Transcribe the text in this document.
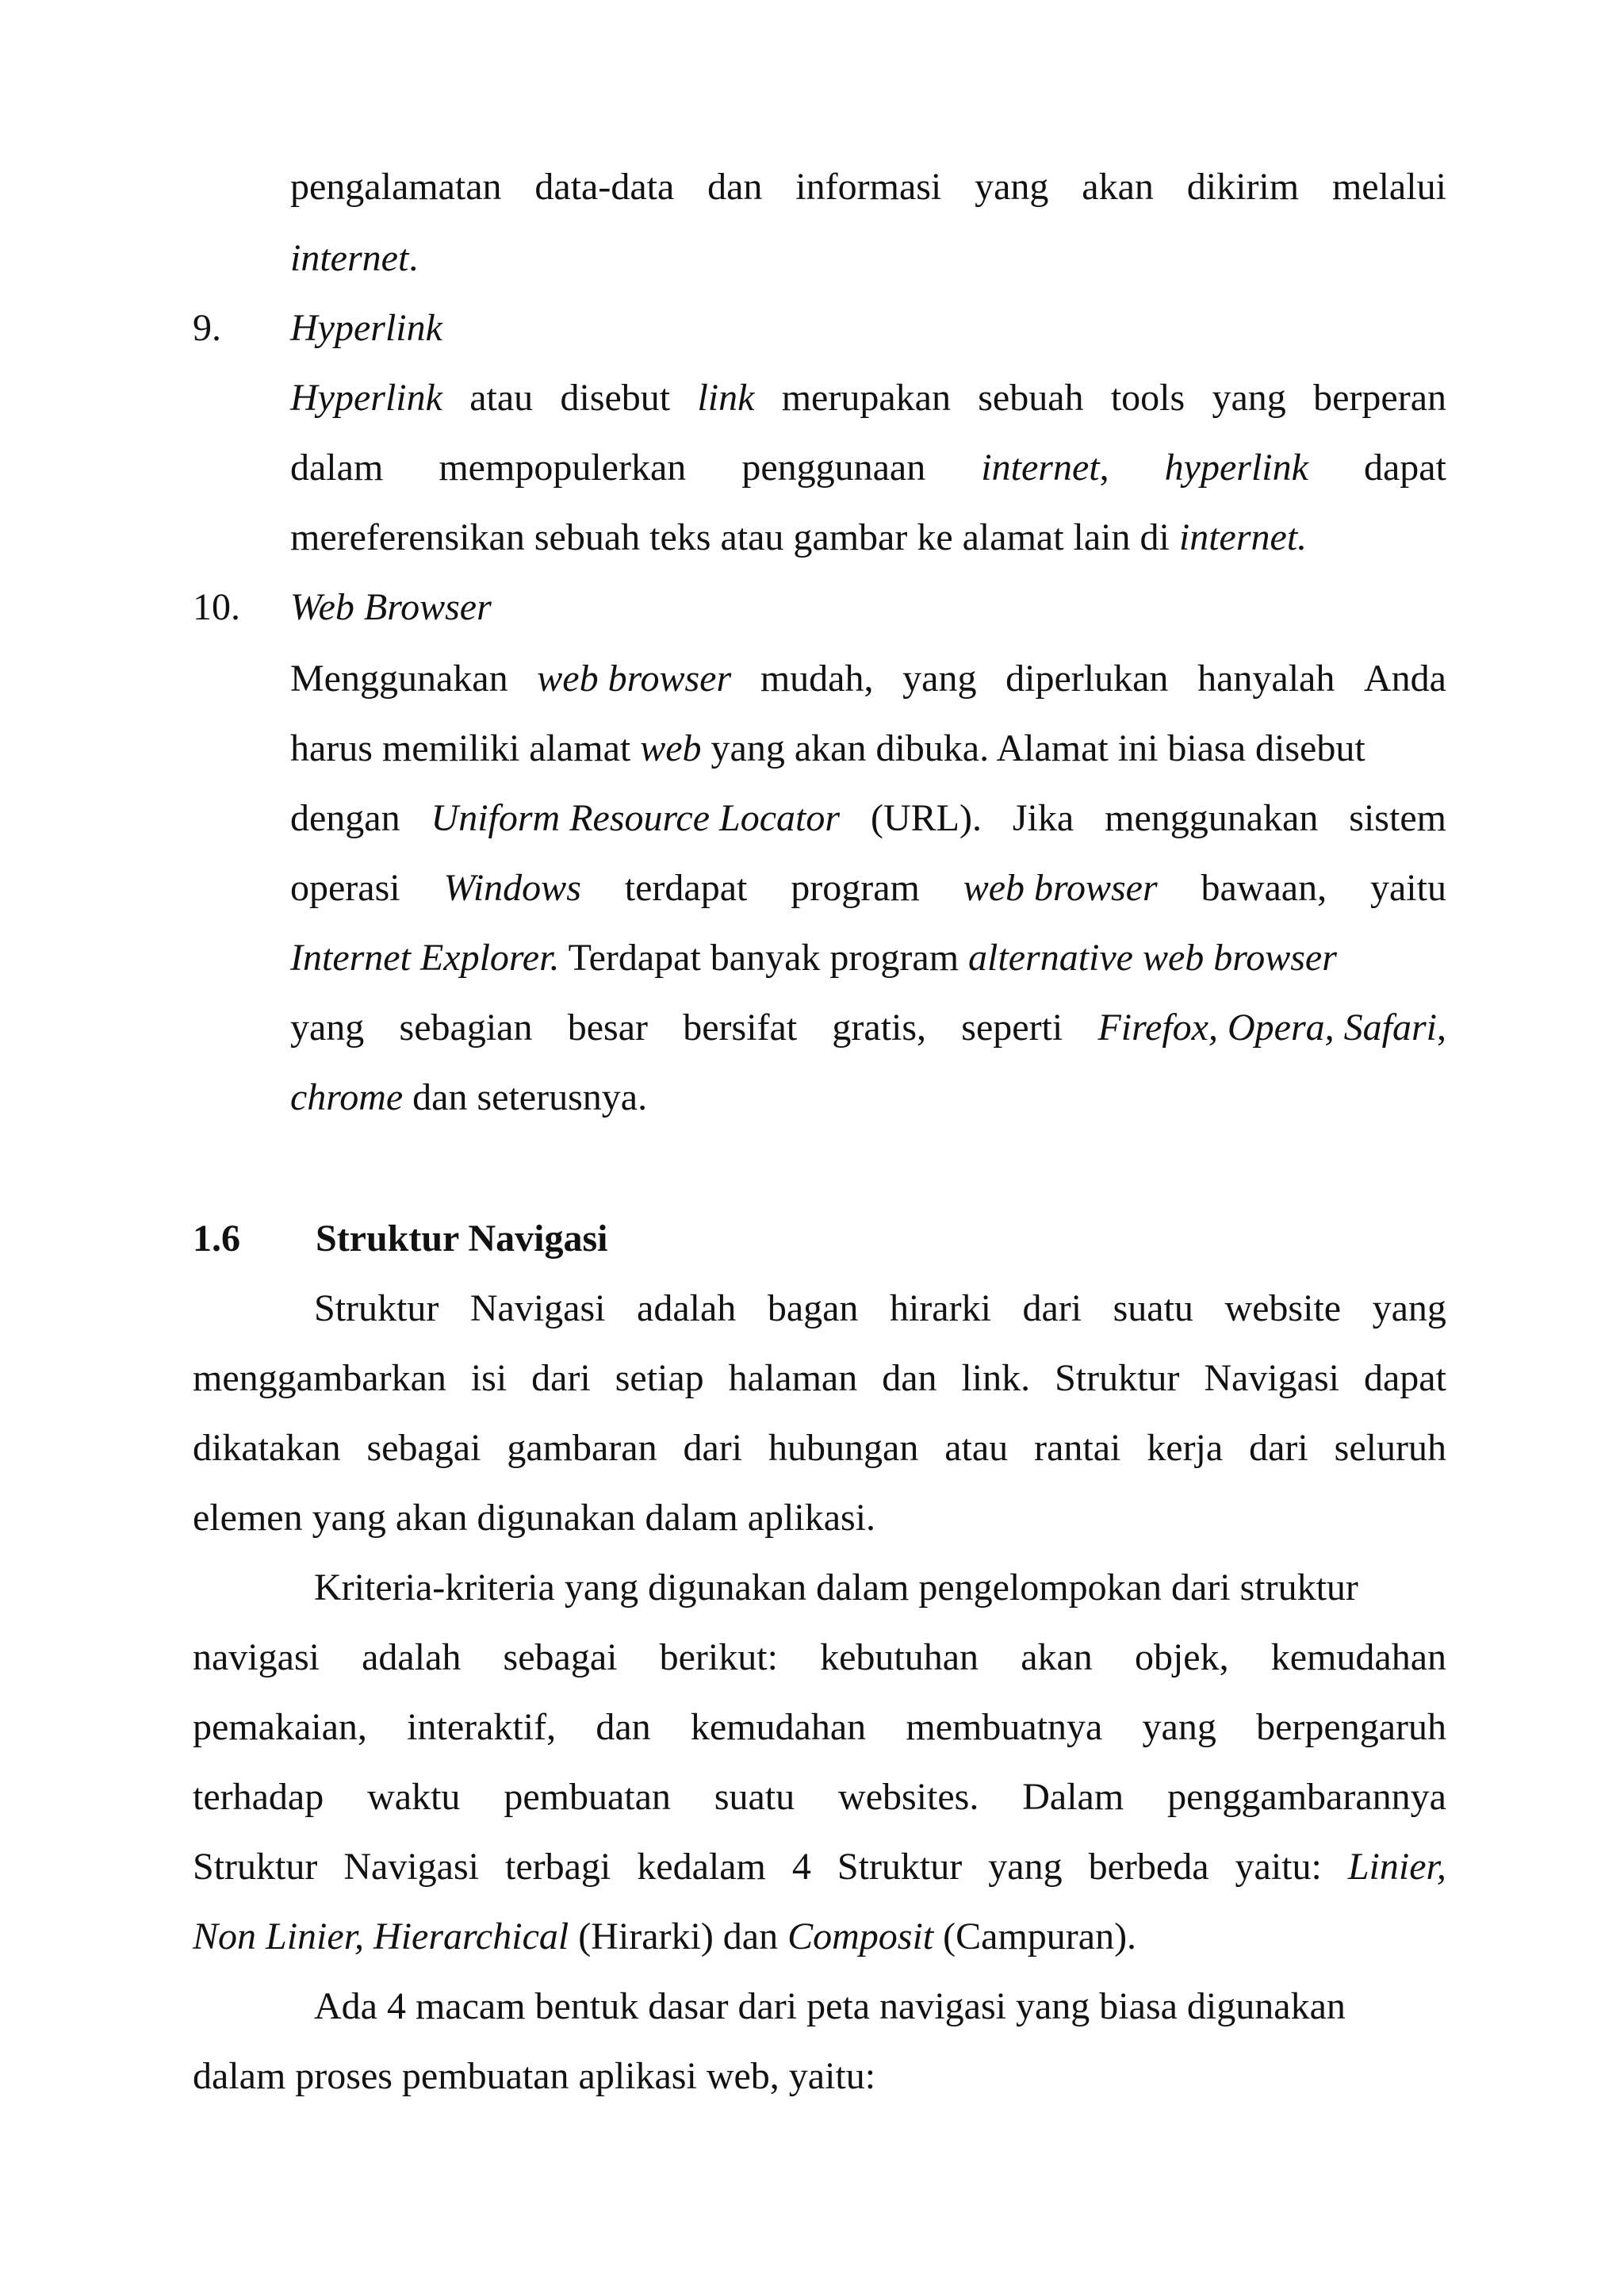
pengalamatan data-data dan informasi yang akan dikirim melalui
internet.
9. Hyperlink
Hyperlink atau disebut link merupakan sebuah tools yang berperan
dalam mempopulerkan penggunaan internet, hyperlink dapat
mereferensikan sebuah teks atau gambar ke alamat lain di internet.
10. Web Browser
Menggunakan web browser mudah, yang diperlukan hanyalah Anda
harus memiliki alamat web yang akan dibuka. Alamat ini biasa disebut
dengan Uniform Resource Locator (URL). Jika menggunakan sistem
operasi Windows terdapat program web browser bawaan, yaitu
Internet Explorer. Terdapat banyak program alternative web browser
yang sebagian besar bersifat gratis, seperti Firefox, Opera, Safari,
chrome dan seterusnya.
1.6 Struktur Navigasi
Struktur Navigasi adalah bagan hirarki dari suatu website yang
menggambarkan isi dari setiap halaman dan link. Struktur Navigasi dapat
dikatakan sebagai gambaran dari hubungan atau rantai kerja dari seluruh
elemen yang akan digunakan dalam aplikasi.
Kriteria-kriteria yang digunakan dalam pengelompokan dari struktur
navigasi adalah sebagai berikut: kebutuhan akan objek, kemudahan
pemakaian, interaktif, dan kemudahan membuatnya yang berpengaruh
terhadap waktu pembuatan suatu websites. Dalam penggambarannya
Struktur Navigasi terbagi kedalam 4 Struktur yang berbeda yaitu: Linier,
Non Linier, Hierarchical (Hirarki) dan Composit (Campuran).
Ada 4 macam bentuk dasar dari peta navigasi yang biasa digunakan
dalam proses pembuatan aplikasi web, yaitu:
